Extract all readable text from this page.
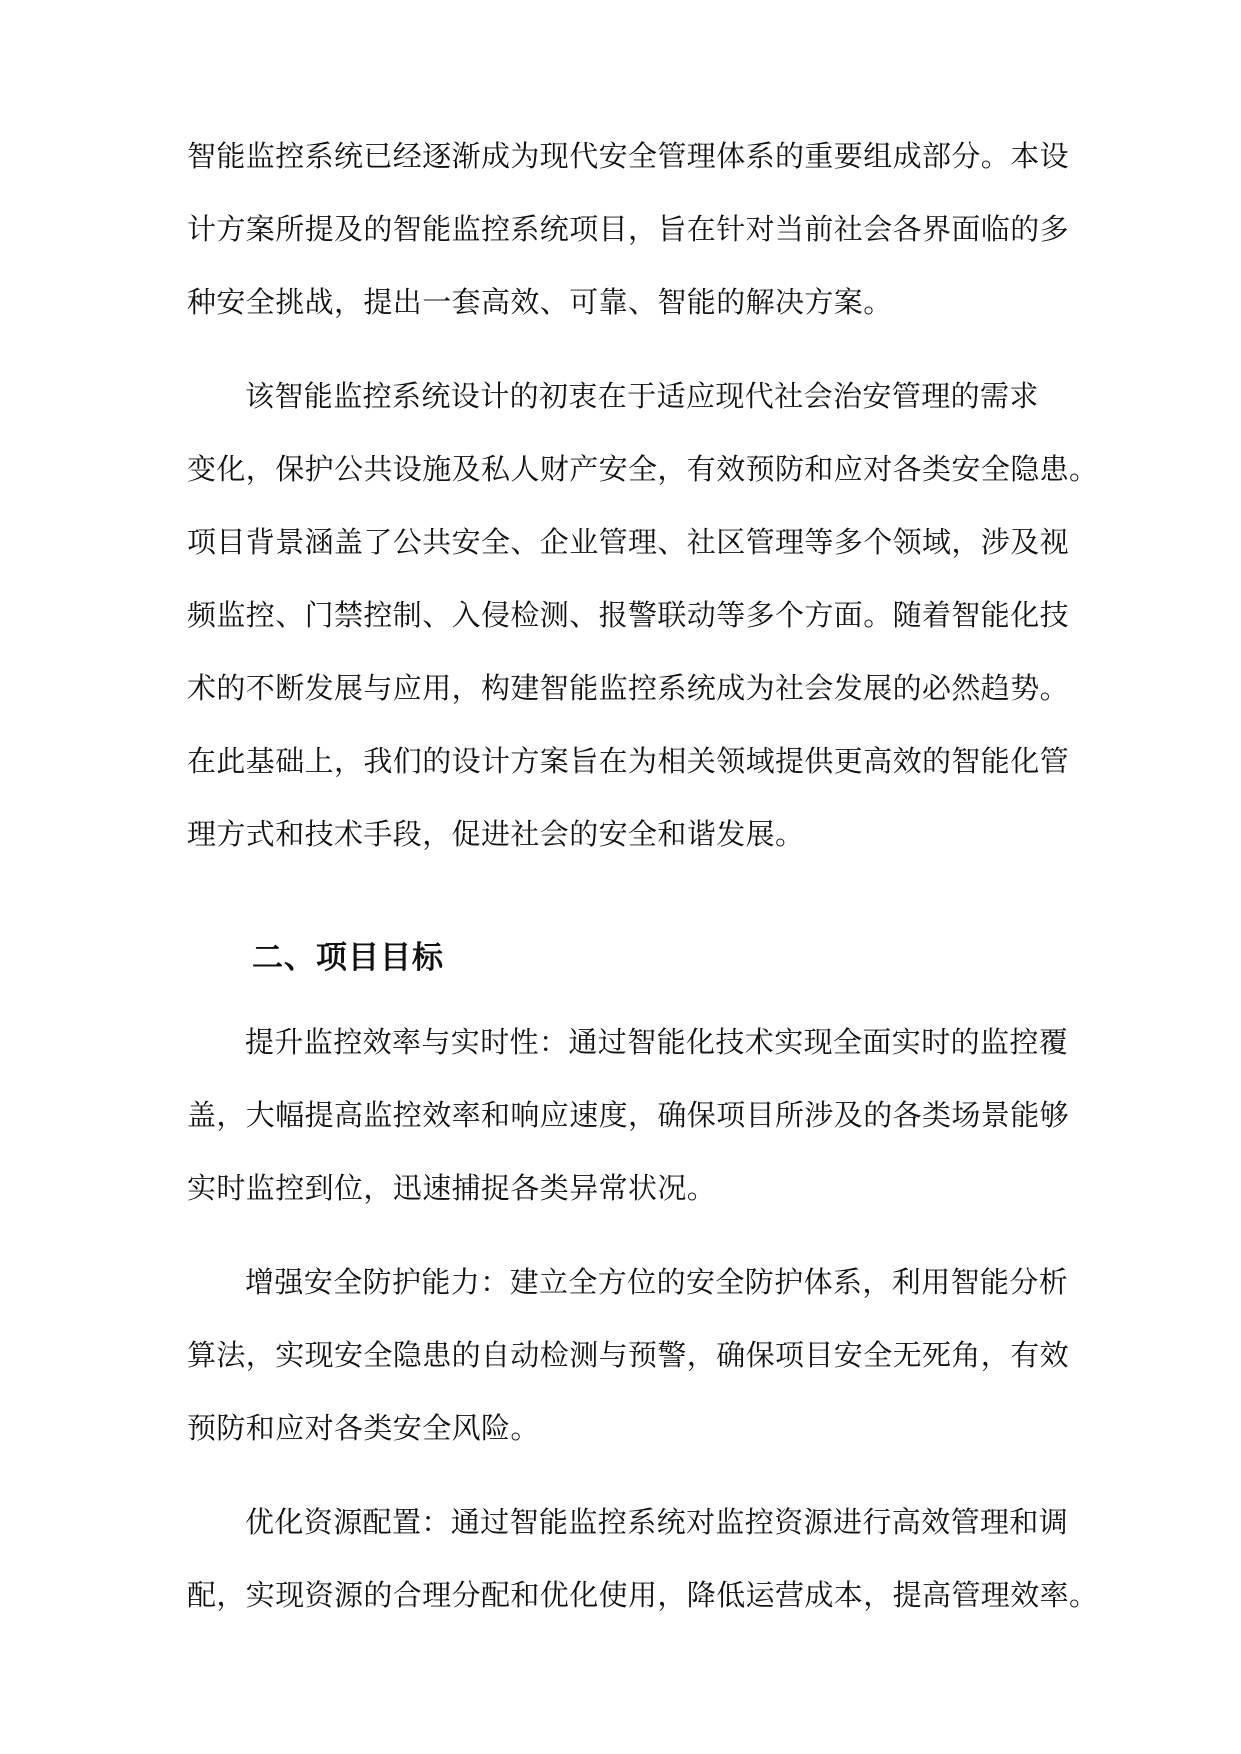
智能监控系统已经逐渐成为现代安全管理体系的重要组成部分。本设
计方案所提及的智能监控系统项目，旨在针对当前社会各界面临的多
种安全挑战，提出一套高效、可靠、智能的解决方案。
该智能监控系统设计的初衷在于适应现代社会治安管理的需求
变化，保护公共设施及私人财产安全，有效预防和应对各类安全隐患。
项目背景涵盖了公共安全、企业管理、社区管理等多个领域，涉及视
频监控、门禁控制、入侵检测、报警联动等多个方面。随着智能化技
术的不断发展与应用，构建智能监控系统成为社会发展的必然趋势。
在此基础上，我们的设计方案旨在为相关领域提供更高效的智能化管
理方式和技术手段，促进社会的安全和谐发展。
二、项目目标
提升监控效率与实时性：通过智能化技术实现全面实时的监控覆
盖，大幅提高监控效率和响应速度，确保项目所涉及的各类场景能够
实时监控到位，迅速捕捉各类异常状况。
增强安全防护能力：建立全方位的安全防护体系，利用智能分析
算法，实现安全隐患的自动检测与预警，确保项目安全无死角，有效
预防和应对各类安全风险。
优化资源配置：通过智能监控系统对监控资源进行高效管理和调
配，实现资源的合理分配和优化使用，降低运营成本，提高管理效率。
